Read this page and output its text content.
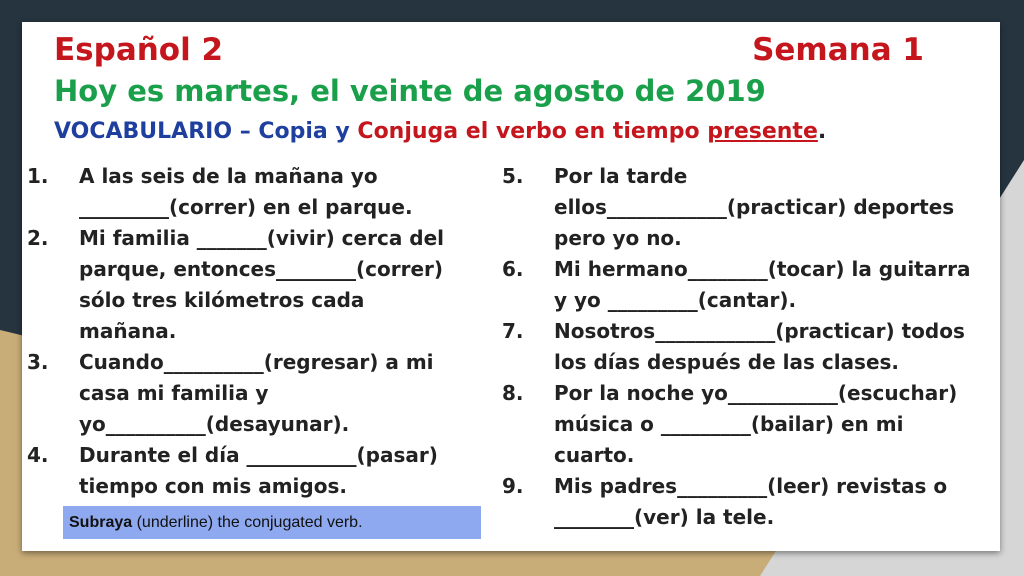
Español 2	Semana 1
Hoy es martes, el veinte de agosto de 2019
VOCABULARIO – Copia y Conjuga el verbo en tiempo presente.
1.	A las seis de la mañana yo _________(correr) en el parque.
2.	Mi familia _______(vivir) cerca del parque, entonces________(correr) sólo tres kilómetros cada mañana.
3.	Cuando__________(regresar) a mi casa mi familia y yo__________(desayunar).
4.	Durante el día ___________(pasar) tiempo con mis amigos.
5.	Por la tarde ellos____________(practicar) deportes pero yo no.
6.	Mi hermano________(tocar) la guitarra y yo _________(cantar).
7.	Nosotros____________(practicar) todos los días después de las clases.
8.	Por la noche yo___________(escuchar) música o _________(bailar) en mi cuarto.
9.	Mis padres_________(leer) revistas o ________(ver) la tele.
Subraya (underline) the conjugated verb.
